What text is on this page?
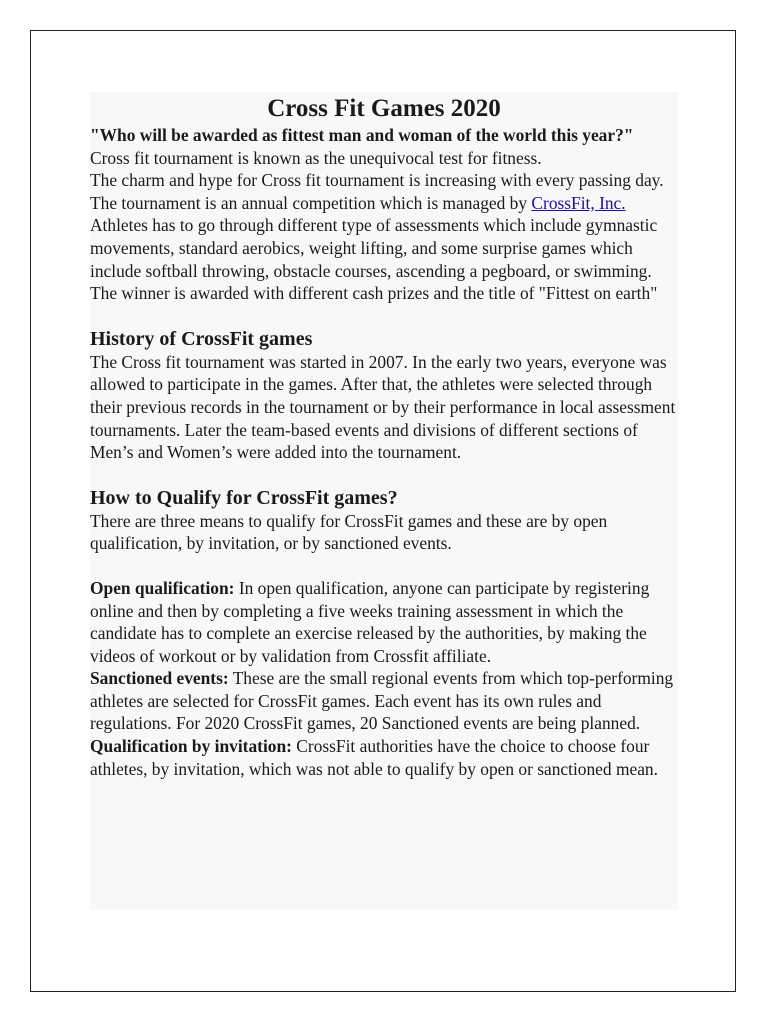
Cross Fit Games 2020

"Who will be awarded as fittest man and woman of the world this year?"

Cross fit tournament is known as the unequivocal test for fitness.

The charm and hype for Cross fit tournament is increasing with every passing day. The tournament is an annual competition which is managed by CrossFit, Inc. Athletes has to go through different type of assessments which include gymnastic movements, standard aerobics, weight lifting, and some surprise games which include softball throwing, obstacle courses, ascending a pegboard, or swimming. The winner is awarded with different cash prizes and the title of "Fittest on earth"

History of CrossFit games

The Cross fit tournament was started in 2007. In the early two years, everyone was allowed to participate in the games. After that, the athletes were selected through their previous records in the tournament or by their performance in local assessment tournaments. Later the team-based events and divisions of different sections of Men’s and Women’s were added into the tournament.

How to Qualify for CrossFit games?

There are three means to qualify for CrossFit games and these are by open qualification, by invitation, or by sanctioned events.

Open qualification: In open qualification, anyone can participate by registering online and then by completing a five weeks training assessment in which the candidate has to complete an exercise released by the authorities, by making the videos of workout or by validation from Crossfit affiliate.

Sanctioned events: These are the small regional events from which top-performing athletes are selected for CrossFit games. Each event has its own rules and regulations. For 2020 CrossFit games, 20 Sanctioned events are being planned.

Qualification by invitation: CrossFit authorities have the choice to choose four athletes, by invitation, which was not able to qualify by open or sanctioned mean.
